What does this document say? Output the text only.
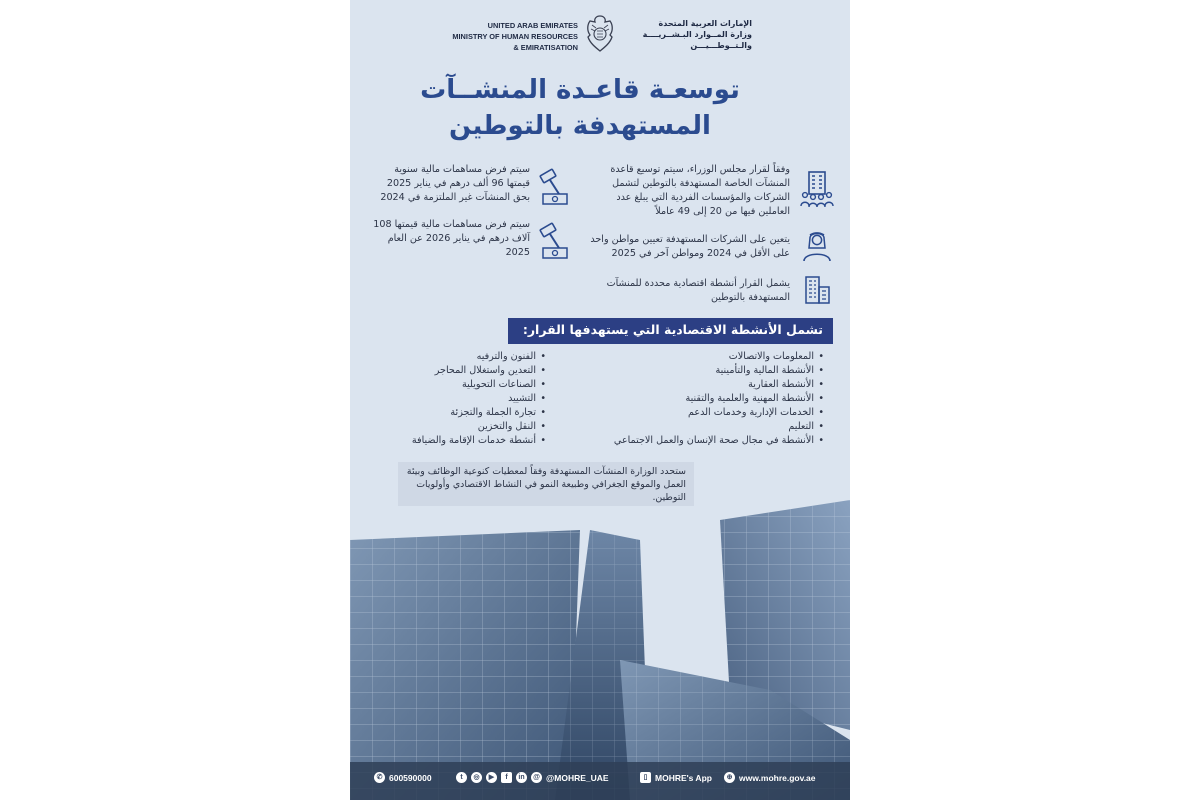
UNITED ARAB EMIRATES
MINISTRY OF HUMAN RESOURCES
& EMIRATISATION
الإمارات العربية المتحدة
وزارة المــوارد البـشــريــــة
والـتــوطـــيـــن
توسعـة قاعـدة المنشــآت
المستهدفة بالتوطين
وفقاً لقرار مجلس الوزراء، سيتم توسيع قاعدة المنشآت الخاصة المستهدفة بالتوطين لتشمل الشركات والمؤسسات الفردية التي يبلغ عدد العاملين فيها من 20 إلى 49 عاملاً
يتعين على الشركات المستهدفة تعيين مواطن واحد على الأقل في 2024 ومواطن آخر في 2025
يشمل القرار أنشطة اقتصادية محددة للمنشآت المستهدفة بالتوطين
سيتم فرض مساهمات مالية سنوية قيمتها 96 ألف درهم في يناير 2025 بحق المنشآت غير الملتزمة في 2024
سيتم فرض مساهمات مالية قيمتها 108 آلاف درهم في يناير 2026 عن العام 2025
تشمل الأنشطة الاقتصادية التي يستهدفها القرار:
• المعلومات والاتصالات
• الأنشطة المالية والتأمينية
• الأنشطة العقارية
• الأنشطة المهنية والعلمية والتقنية
• الخدمات الإدارية وخدمات الدعم
• التعليم
• الأنشطة في مجال صحة الإنسان والعمل الاجتماعي
• الفنون والترفيه
• التعدين واستغلال المحاجر
• الصناعات التحويلية
• التشييد
• تجارة الجملة والتجزئة
• النقل والتخزين
• أنشطة خدمات الإقامة والضيافة
ستحدد الوزارة المنشآت المستهدفة وفقاً لمعطيات كنوعية الوظائف وبيئة العمل والموقع الجغرافي وطبيعة النمو في النشاط الاقتصادي وأولويات التوطين.
✆ 600590000	t	◎	▶	f	in	@ @MOHRE_UAE	▯ MOHRE's App	⊕ www.mohre.gov.ae
